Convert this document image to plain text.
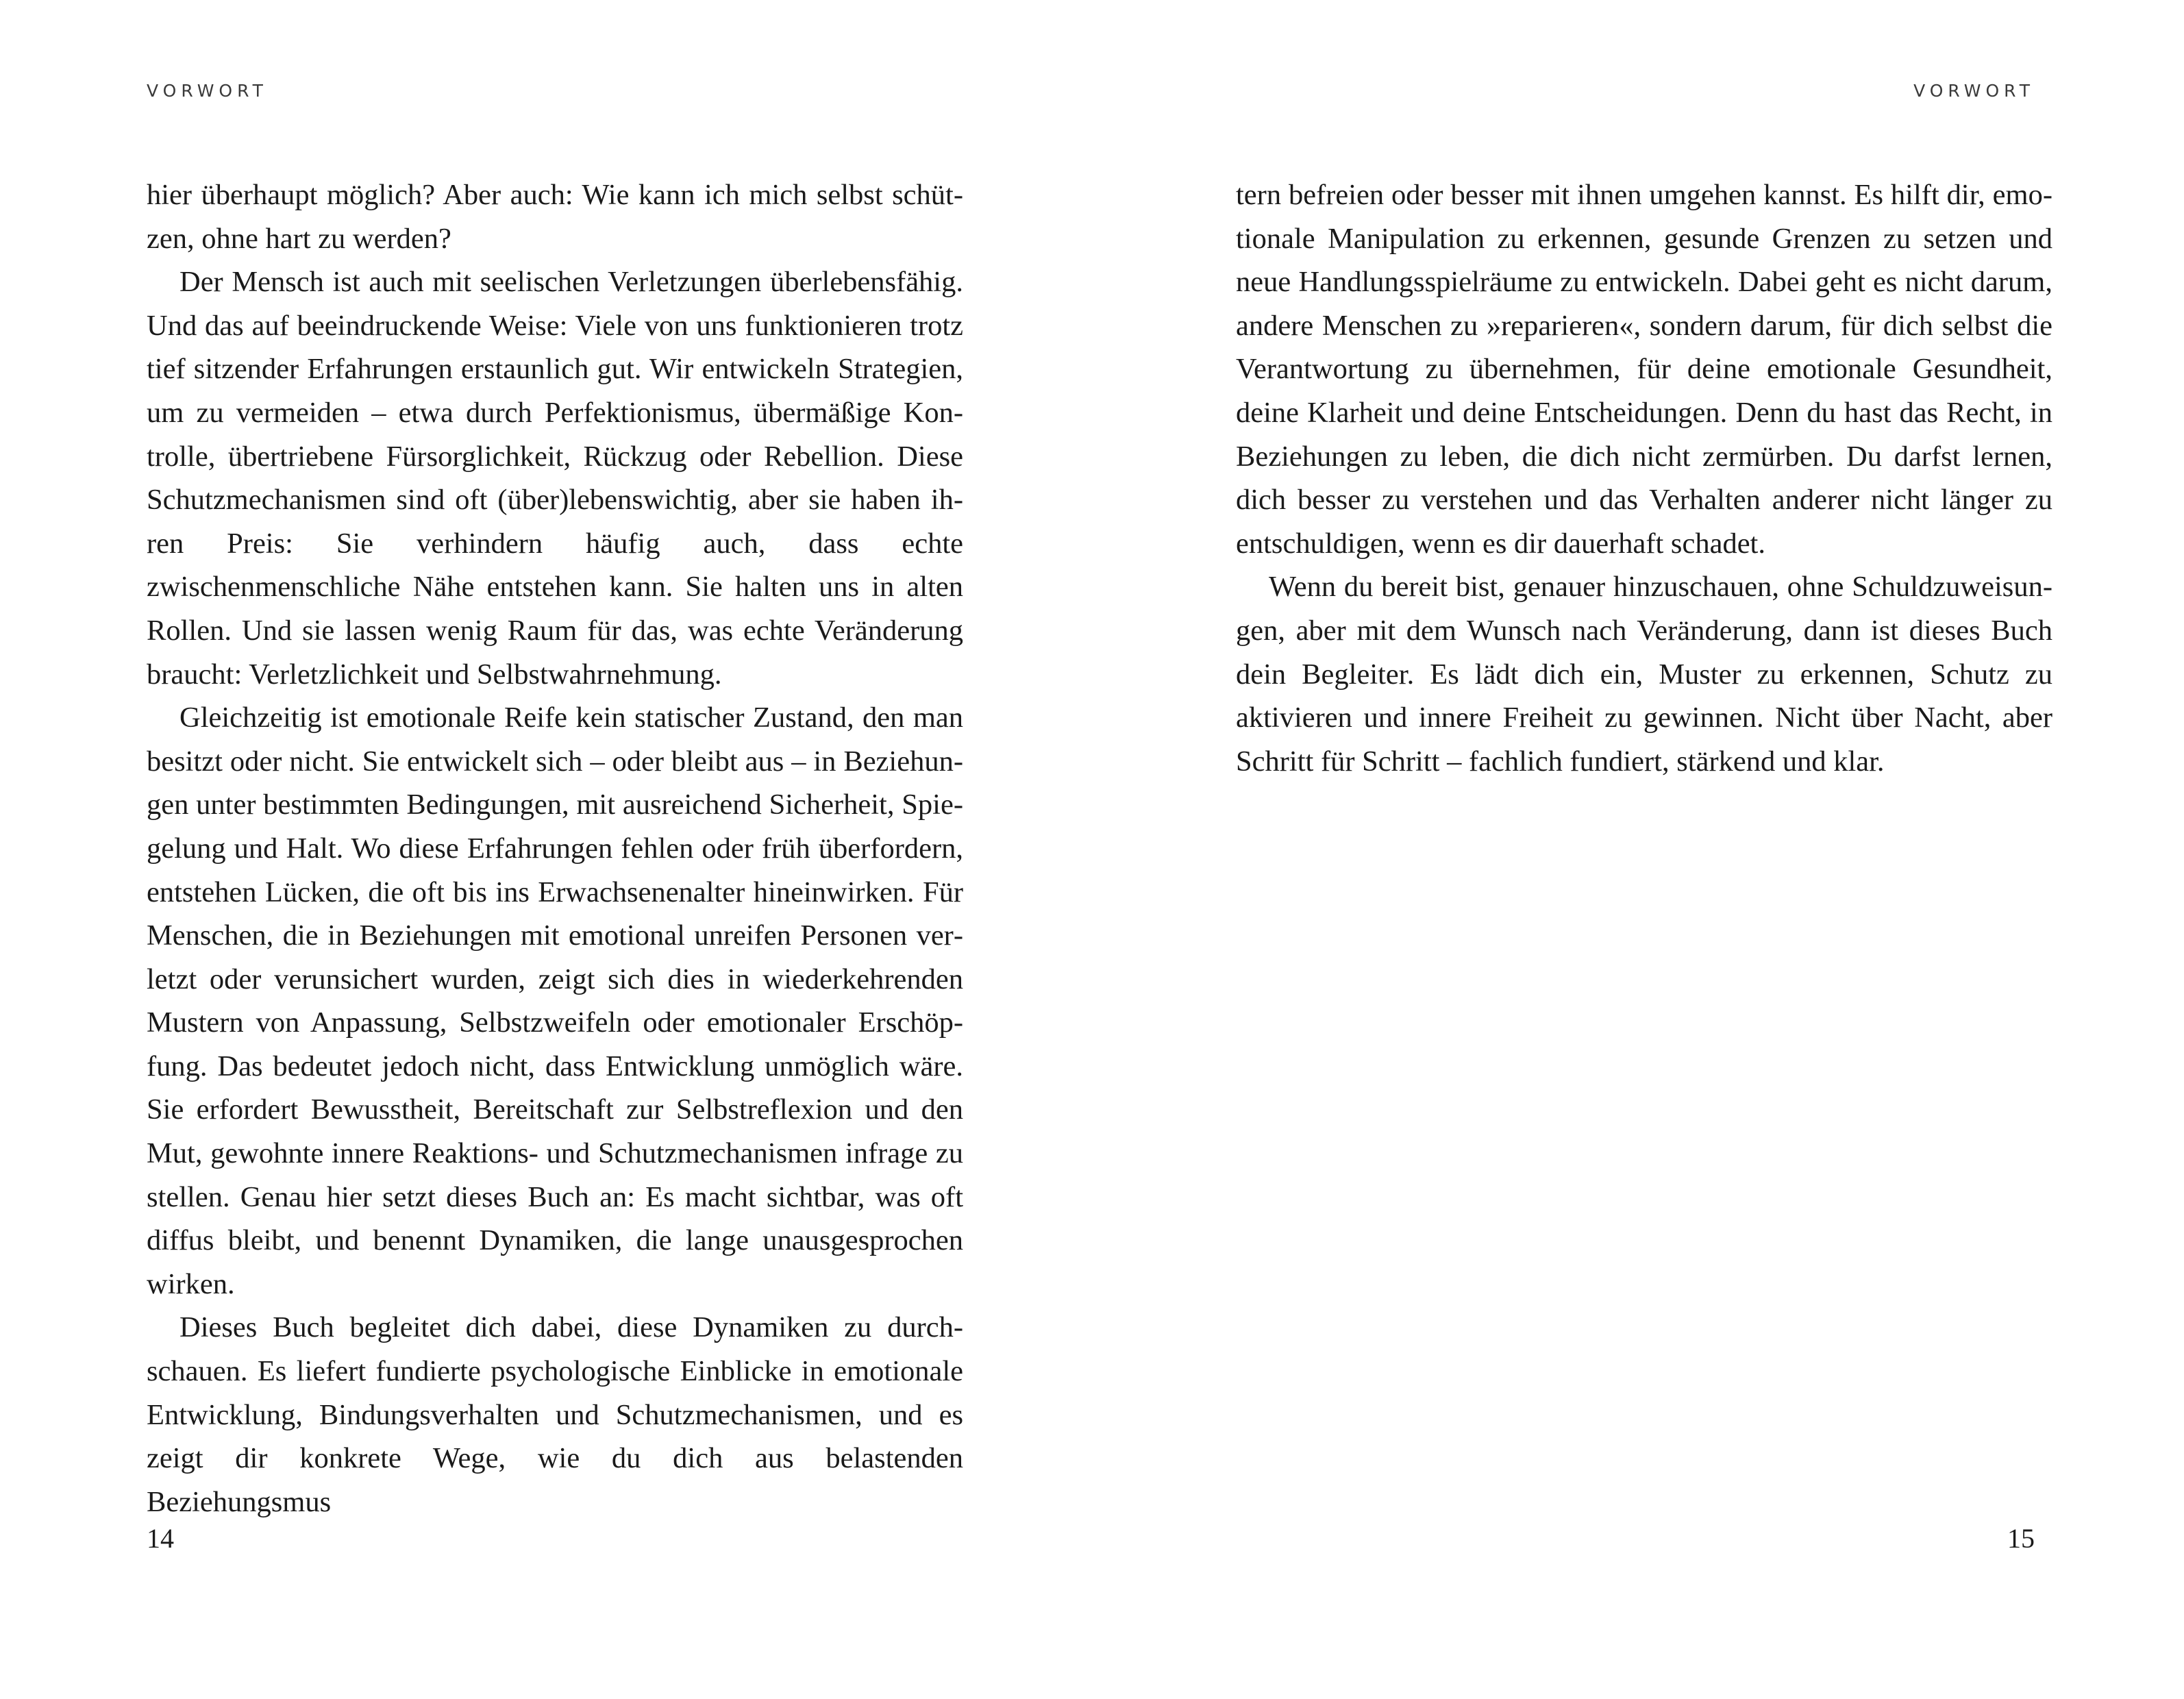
VORWORT

hier überhaupt möglich? Aber auch: Wie kann ich mich selbst schützen, ohne hart zu werden?

Der Mensch ist auch mit seelischen Verletzungen überlebensfähig. Und das auf beeindruckende Weise: Viele von uns funktionieren trotz tief sitzender Erfahrungen erstaunlich gut. Wir entwickeln Strategien, um zu vermeiden – etwa durch Perfektionismus, übermäßige Kontrolle, übertriebene Fürsorglichkeit, Rückzug oder Rebellion. Diese Schutzmechanismen sind oft (über)lebenswichtig, aber sie haben ihren Preis: Sie verhindern häufig auch, dass echte zwischenmenschliche Nähe entstehen kann. Sie halten uns in alten Rollen. Und sie lassen wenig Raum für das, was echte Veränderung braucht: Verletzlichkeit und Selbstwahrnehmung.

Gleichzeitig ist emotionale Reife kein statischer Zustand, den man besitzt oder nicht. Sie entwickelt sich – oder bleibt aus – in Beziehungen unter bestimmten Bedingungen, mit ausreichend Sicherheit, Spiegelung und Halt. Wo diese Erfahrungen fehlen oder früh überfordern, entstehen Lücken, die oft bis ins Erwachsenenalter hineinwirken. Für Menschen, die in Beziehungen mit emotional unreifen Personen verletzt oder verunsichert wurden, zeigt sich dies in wiederkehrenden Mustern von Anpassung, Selbstzweifeln oder emotionaler Erschöpfung. Das bedeutet jedoch nicht, dass Entwicklung unmöglich wäre. Sie erfordert Bewusstheit, Bereitschaft zur Selbstreflexion und den Mut, gewohnte innere Reaktions- und Schutzmechanismen infrage zu stellen. Genau hier setzt dieses Buch an: Es macht sichtbar, was oft diffus bleibt, und benennt Dynamiken, die lange unausgesprochen wirken.

Dieses Buch begleitet dich dabei, diese Dynamiken zu durchschauen. Es liefert fundierte psychologische Einblicke in emotionale Entwicklung, Bindungsverhalten und Schutzmechanismen, und es zeigt dir konkrete Wege, wie du dich aus belastenden Beziehungsmus

14
VORWORT

tern befreien oder besser mit ihnen umgehen kannst. Es hilft dir, emotionale Manipulation zu erkennen, gesunde Grenzen zu setzen und neue Handlungsspielräume zu entwickeln. Dabei geht es nicht darum, andere Menschen zu »reparieren«, sondern darum, für dich selbst die Verantwortung zu übernehmen, für deine emotionale Gesundheit, deine Klarheit und deine Entscheidungen. Denn du hast das Recht, in Beziehungen zu leben, die dich nicht zermürben. Du darfst lernen, dich besser zu verstehen und das Verhalten anderer nicht länger zu entschuldigen, wenn es dir dauerhaft schadet.

Wenn du bereit bist, genauer hinzuschauen, ohne Schuldzuweisungen, aber mit dem Wunsch nach Veränderung, dann ist dieses Buch dein Begleiter. Es lädt dich ein, Muster zu erkennen, Schutz zu aktivieren und innere Freiheit zu gewinnen. Nicht über Nacht, aber Schritt für Schritt – fachlich fundiert, stärkend und klar.

15
